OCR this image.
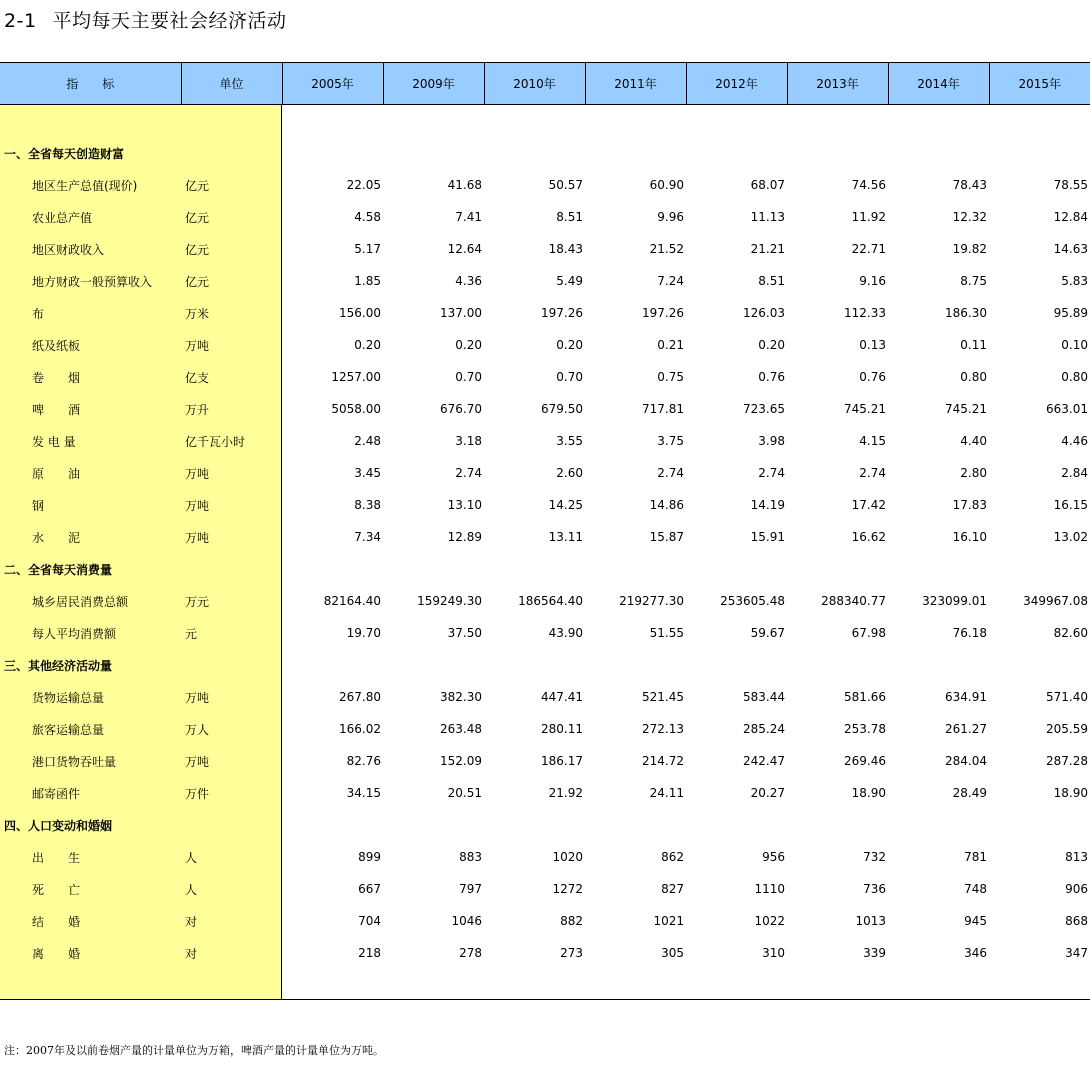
2-1 平均每天主要社会经济活动
指　　标	单位	2005年	2009年	2010年	2011年	2012年	2013年	2014年	2015年

一、全省每天创造财富									
地区生产总值(现价)	亿元	22.05	41.68	50.57	60.90	68.07	74.56	78.43	78.55
农业总产值	亿元	4.58	7.41	8.51	9.96	11.13	11.92	12.32	12.84
地区财政收入	亿元	5.17	12.64	18.43	21.52	21.21	22.71	19.82	14.63
地方财政一般预算收入	亿元	1.85	4.36	5.49	7.24	8.51	9.16	8.75	5.83
布	万米	156.00	137.00	197.26	197.26	126.03	112.33	186.30	95.89
纸及纸板	万吨	0.20	0.20	0.20	0.21	0.20	0.13	0.11	0.10
卷　　烟	亿支	1257.00	0.70	0.70	0.75	0.76	0.76	0.80	0.80
啤　　酒	万升	5058.00	676.70	679.50	717.81	723.65	745.21	745.21	663.01
发 电 量	亿千瓦小时	2.48	3.18	3.55	3.75	3.98	4.15	4.40	4.46
原　　油	万吨	3.45	2.74	2.60	2.74	2.74	2.74	2.80	2.84
钢	万吨	8.38	13.10	14.25	14.86	14.19	17.42	17.83	16.15
水　　泥	万吨	7.34	12.89	13.11	15.87	15.91	16.62	16.10	13.02
二、全省每天消费量									
城乡居民消费总额	万元	82164.40	159249.30	186564.40	219277.30	253605.48	288340.77	323099.01	349967.08
每人平均消费额	元	19.70	37.50	43.90	51.55	59.67	67.98	76.18	82.60
三、其他经济活动量									
货物运输总量	万吨	267.80	382.30	447.41	521.45	583.44	581.66	634.91	571.40
旅客运输总量	万人	166.02	263.48	280.11	272.13	285.24	253.78	261.27	205.59
港口货物吞吐量	万吨	82.76	152.09	186.17	214.72	242.47	269.46	284.04	287.28
邮寄函件	万件	34.15	20.51	21.92	24.11	20.27	18.90	28.49	18.90
四、人口变动和婚姻									
出　　生	人	899	883	1020	862	956	732	781	813
死　　亡	人	667	797	1272	827	1110	736	748	906
结　　婚	对	704	1046	882	1021	1022	1013	945	868
离　　婚	对	218	278	273	305	310	339	346	347

注：2007年及以前卷烟产量的计量单位为万箱，啤酒产量的计量单位为万吨。
